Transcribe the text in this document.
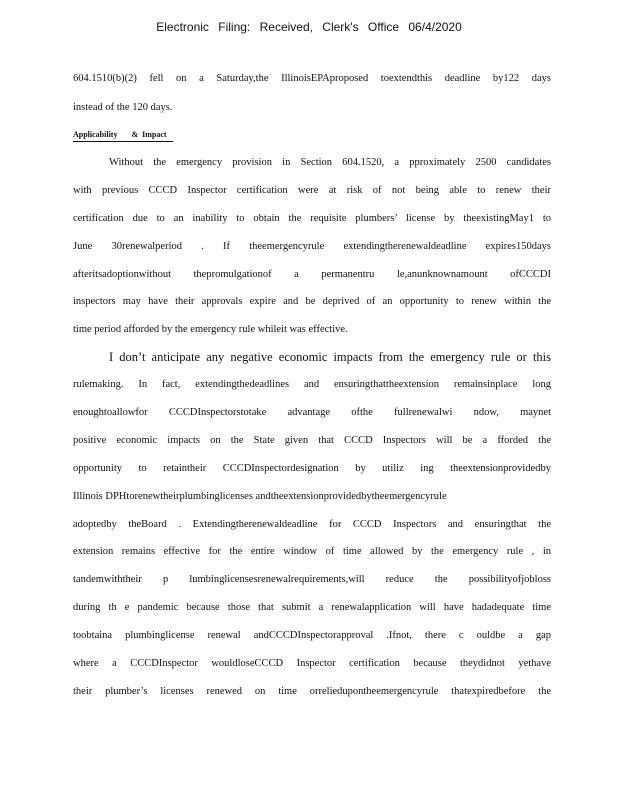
Electronic Filing: Received, Clerk's Office 06/4/2020
604.1510(b)(2) fell on a Saturday,the IllinoisEPAproposed toextendthis deadline by122 days
instead of the 120 days.
Applicability       &  Impact
Without the emergency provision in Section 604.1520, a pproximately 2500 candidates
with previous CCCD Inspector certification were at risk of not being able to renew their
certification due to an inability to obtain the requisite plumbers’ license by theexistingMay1 to
June 30renewalperiod . If theemergencyrule extendingtherenewaldeadline expires150days
afteritsadoptionwithout thepromulgationof a permanentru le,anunknownamount ofCCCDI
inspectors may have their approvals expire and be deprived of an opportunity to renew within the
time period afforded by the emergency rule whileit was effective.
I don’t anticipate any negative economic impacts from the emergency rule or this
rulemaking. In fact, extendingthedeadlines and ensuringthattheextension remainsinplace long
enoughtoallowfor CCCDInspectorstotake advantage ofthe fullrenewalwi ndow, maynet
positive economic impacts on the State given that CCCD Inspectors will be a fforded the
opportunity to retaintheir CCCDInspectordesignation by utiliz ing theextensionprovidedby
Illinois DPHtorenewtheirplumbinglicenses andtheextensionprovidedbytheemergencyrule
adoptedby theBoard . Extendingtherenewaldeadline for CCCD Inspectors and ensuringthat the
extension remains effective for the entire window of time allowed by the emergency rule , in
tandemwiththeir p lumbinglicensesrenewalrequirements,will reduce the possibilityofjobloss
during th e pandemic because those that submit a renewalapplication will have hadadequate time
toobtaina plumbinglicense renewal andCCCDInspectorapproval .Ifnot, there c ouldbe a gap
where a CCCDInspector wouldloseCCCD Inspector certification because theydidnot yethave
their plumber’s licenses renewed on time orreliedupontheemergencyrule thatexpiredbefore the
